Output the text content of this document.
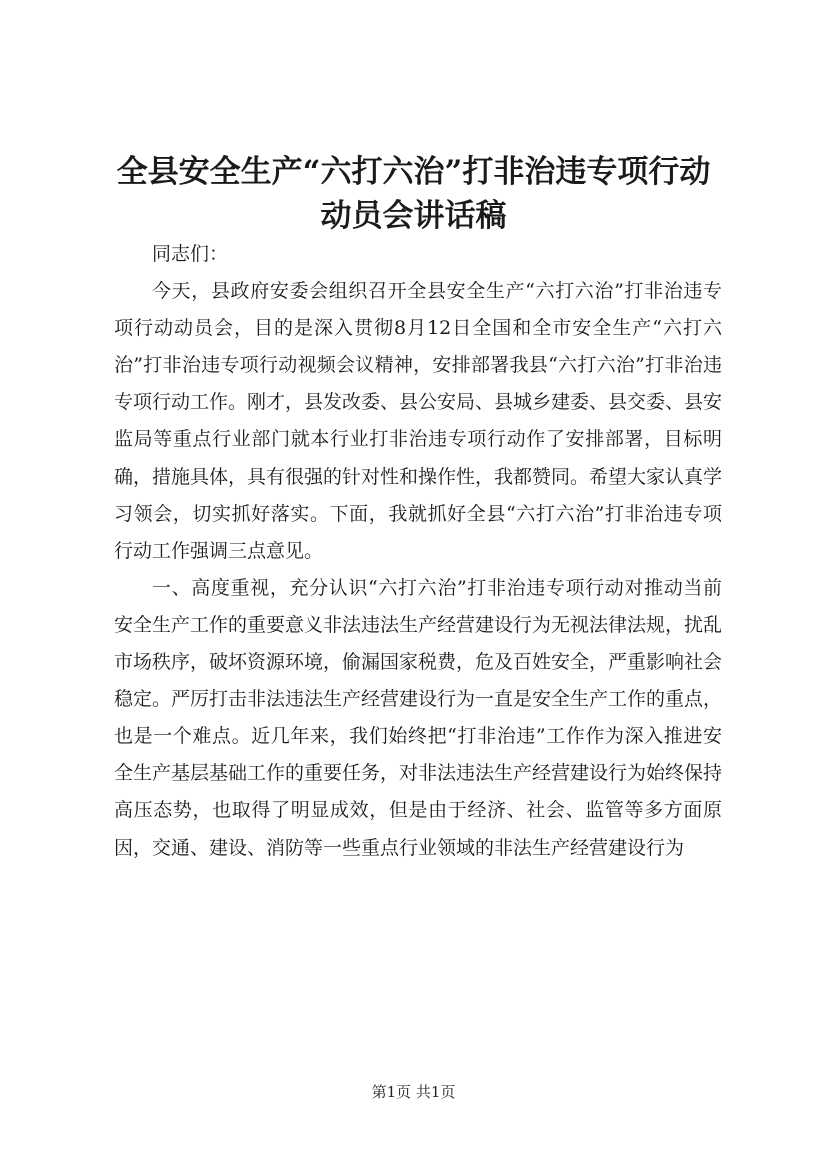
全县安全生产“六打六治”打非治违专项行动
动员会讲话稿

同志们：

今天，县政府安委会组织召开全县安全生产“六打六治”打非治违专项行动动员会，目的是深入贯彻8月12日全国和全市安全生产“六打六治”打非治违专项行动视频会议精神，安排部署我县“六打六治”打非治违专项行动工作。刚才，县发改委、县公安局、县城乡建委、县交委、县安监局等重点行业部门就本行业打非治违专项行动作了安排部署，目标明确，措施具体，具有很强的针对性和操作性，我都赞同。希望大家认真学习领会，切实抓好落实。下面，我就抓好全县“六打六治”打非治违专项行动工作强调三点意见。

一、高度重视，充分认识“六打六治”打非治违专项行动对推动当前安全生产工作的重要意义非法违法生产经营建设行为无视法律法规，扰乱市场秩序，破坏资源环境，偷漏国家税费，危及百姓安全，严重影响社会稳定。严厉打击非法违法生产经营建设行为一直是安全生产工作的重点，也是一个难点。近几年来，我们始终把“打非治违”工作作为深入推进安全生产基层基础工作的重要任务，对非法违法生产经营建设行为始终保持高压态势，也取得了明显成效，但是由于经济、社会、监管等多方面原因，交通、建设、消防等一些重点行业领域的非法生产经营建设行为

第1页 共1页
